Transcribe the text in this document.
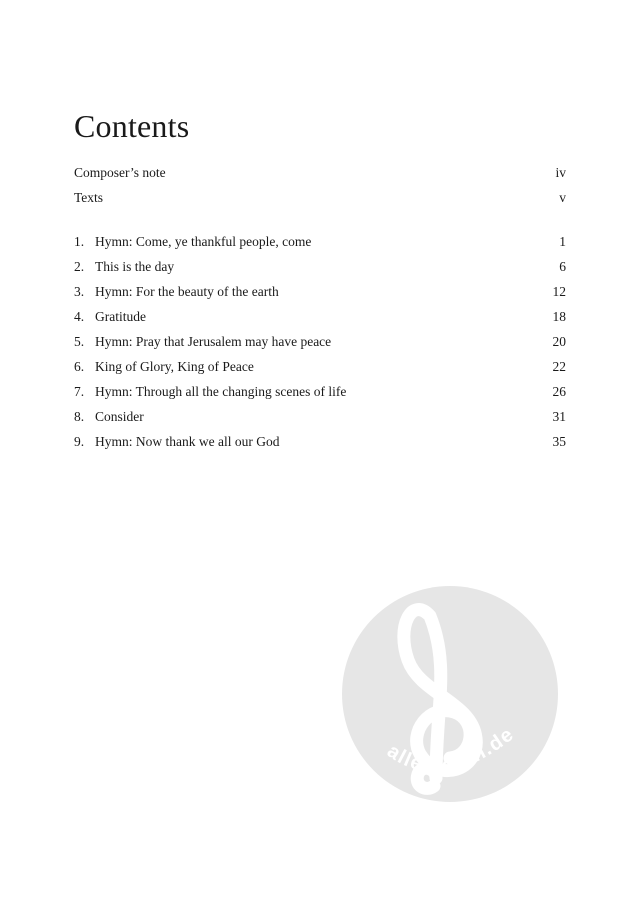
Contents
Composer’s note	iv
Texts	v
1. Hymn: Come, ye thankful people, come	1
2. This is the day	6
3. Hymn: For the beauty of the earth	12
4. Gratitude	18
5. Hymn: Pray that Jerusalem may have peace	20
6. King of Glory, King of Peace	22
7. Hymn: Through all the changing scenes of life	26
8. Consider	31
9. Hymn: Now thank we all our God	35
alle-noten.de
